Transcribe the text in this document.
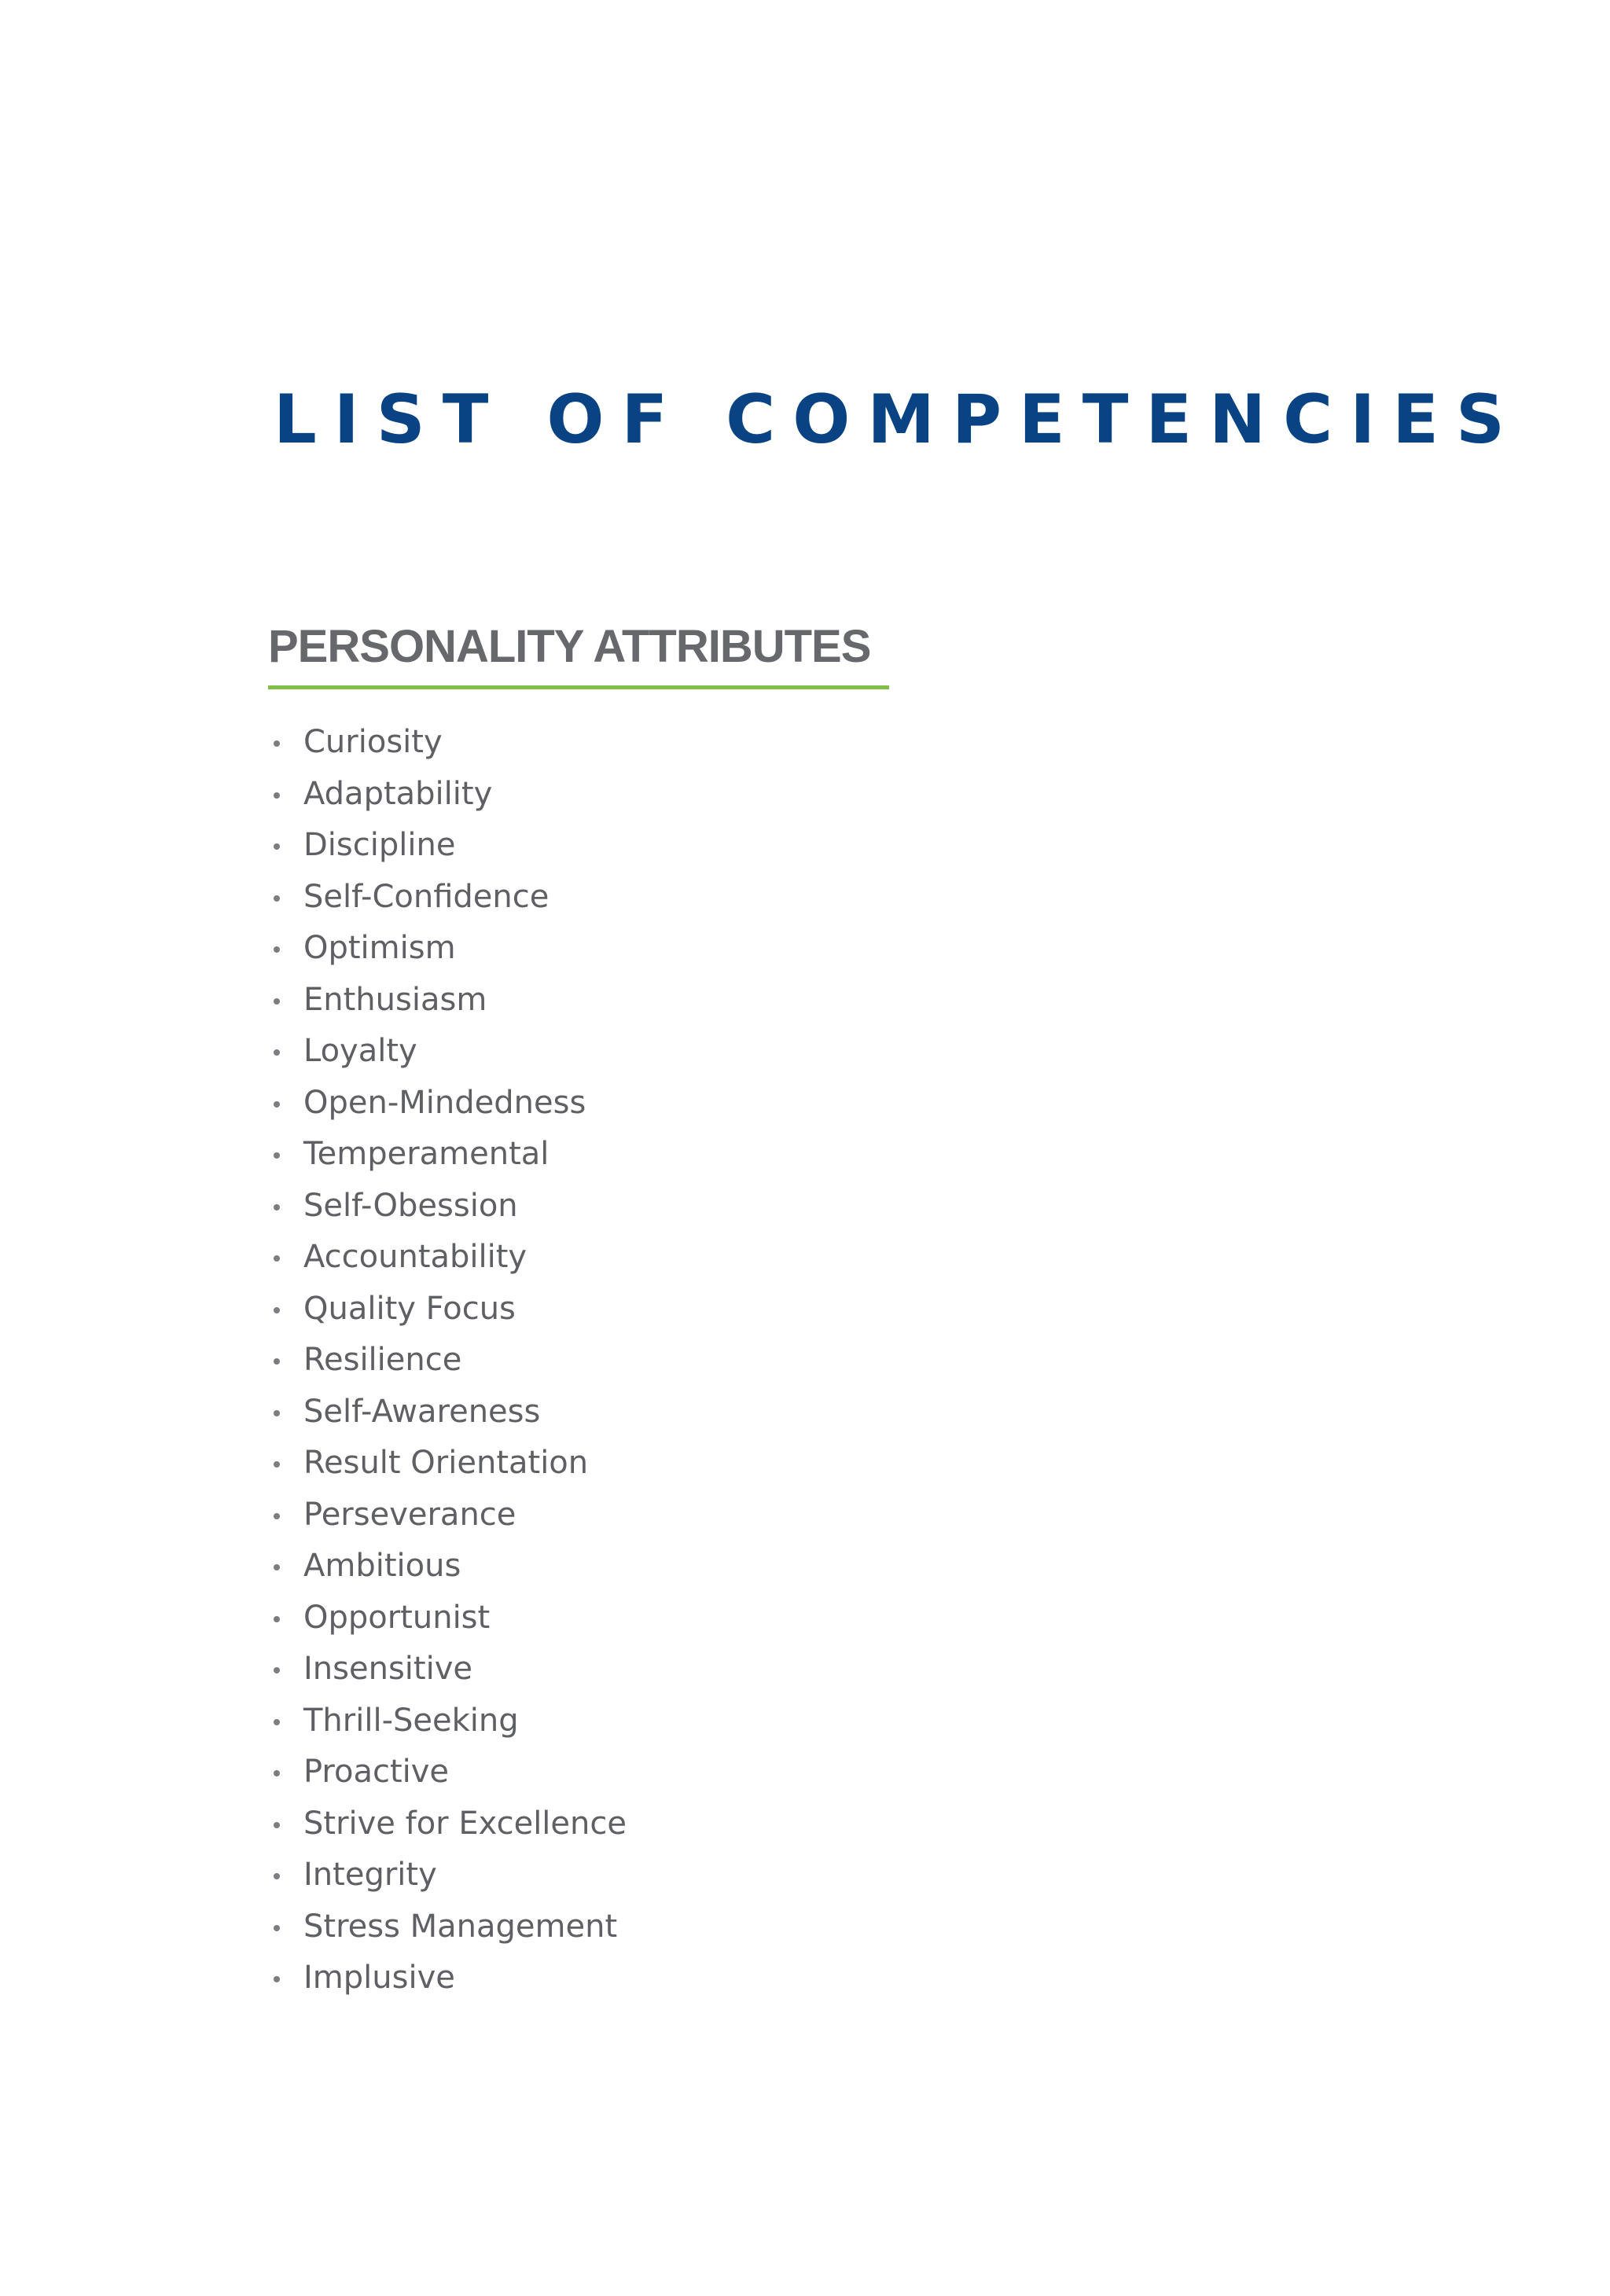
LIST OF COMPETENCIES
PERSONALITY ATTRIBUTES
Curiosity
Adaptability
Discipline
Self-Confidence
Optimism
Enthusiasm
Loyalty
Open-Mindedness
Temperamental
Self-Obession
Accountability
Quality Focus
Resilience
Self-Awareness
Result Orientation
Perseverance
Ambitious
Opportunist
Insensitive
Thrill-Seeking
Proactive
Strive for Excellence
Integrity
Stress Management
Implusive
